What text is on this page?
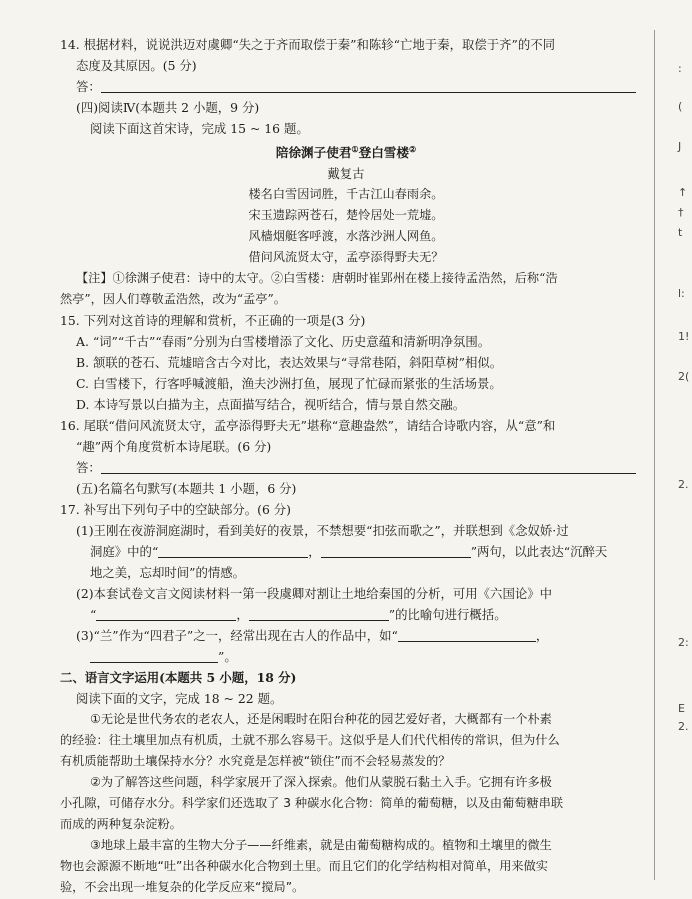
14. 根据材料，说说洪迈对虞卿“失之于齐而取偿于秦”和陈轸“亡地于秦，取偿于齐”的不同
态度及其原因。(5 分)
答：
(四)阅读Ⅳ(本题共 2 小题，9 分)
阅读下面这首宋诗，完成 15 ~ 16 题。
陪徐渊子使君①登白雪楼②
戴复古
楼名白雪因词胜，千古江山春雨余。
宋玉遗踪两苍石，楚怜居处一荒墟。
风樯烟艇客呼渡，水落沙洲人网鱼。
借问风流贤太守，孟亭添得野夫无？
【注】①徐渊子使君：诗中的太守。②白雪楼：唐朝时崔郢州在楼上接待孟浩然，后称“浩
然亭”，因人们尊敬孟浩然，改为“孟亭”。
15. 下列对这首诗的理解和赏析，不正确的一项是(3 分)
A. “词”“千古”“春雨”分别为白雪楼增添了文化、历史意蕴和清新明净氛围。
B. 颔联的苍石、荒墟暗含古今对比，表达效果与“寻常巷陌，斜阳草树”相似。
C. 白雪楼下，行客呼喊渡船，渔夫沙洲打鱼，展现了忙碌而紧张的生活场景。
D. 本诗写景以白描为主，点面描写结合，视听结合，情与景自然交融。
16. 尾联“借问风流贤太守，孟亭添得野夫无”堪称“意趣盎然”，请结合诗歌内容，从“意”和
“趣”两个角度赏析本诗尾联。(6 分)
答：
(五)名篇名句默写(本题共 1 小题，6 分)
17. 补写出下列句子中的空缺部分。(6 分)
(1)王刚在夜游洞庭湖时，看到美好的夜景，不禁想要“扣弦而歌之”，并联想到《念奴娇·过
洞庭》中的“	，	”两句，以此表达“沉醉天
地之美，忘却时间”的情感。
(2)本套试卷文言文阅读材料一第一段虞卿对割让土地给秦国的分析，可用《六国论》中
“	，	”的比喻句进行概括。
(3)“兰”作为“四君子”之一，经常出现在古人的作品中，如“	，
”。
二、语言文字运用(本题共 5 小题，18 分)
阅读下面的文字，完成 18 ~ 22 题。
①无论是世代务农的老农人，还是闲暇时在阳台种花的园艺爱好者，大概都有一个朴素
的经验：往土壤里加点有机质，土就不那么容易干。这似乎是人们代代相传的常识，但为什么
有机质能帮助土壤保持水分？水究竟是怎样被“锁住”而不会轻易蒸发的？
②为了解答这些问题，科学家展开了深入探索。他们从蒙脱石黏土入手。它拥有许多极
小孔隙，可储存水分。科学家们还选取了 3 种碳水化合物：简单的葡萄糖，以及由葡萄糖串联
而成的两种复杂淀粉。
③地球上最丰富的生物大分子——纤维素，就是由葡萄糖构成的。植物和土壤里的微生
物也会源源不断地“吐”出各种碳水化合物到土里。而且它们的化学结构相对简单，用来做实
验，不会出现一堆复杂的化学反应来“搅局”。
:
(
J
↑
†
t
l:
1!
2(
2.
2:
E
2.
